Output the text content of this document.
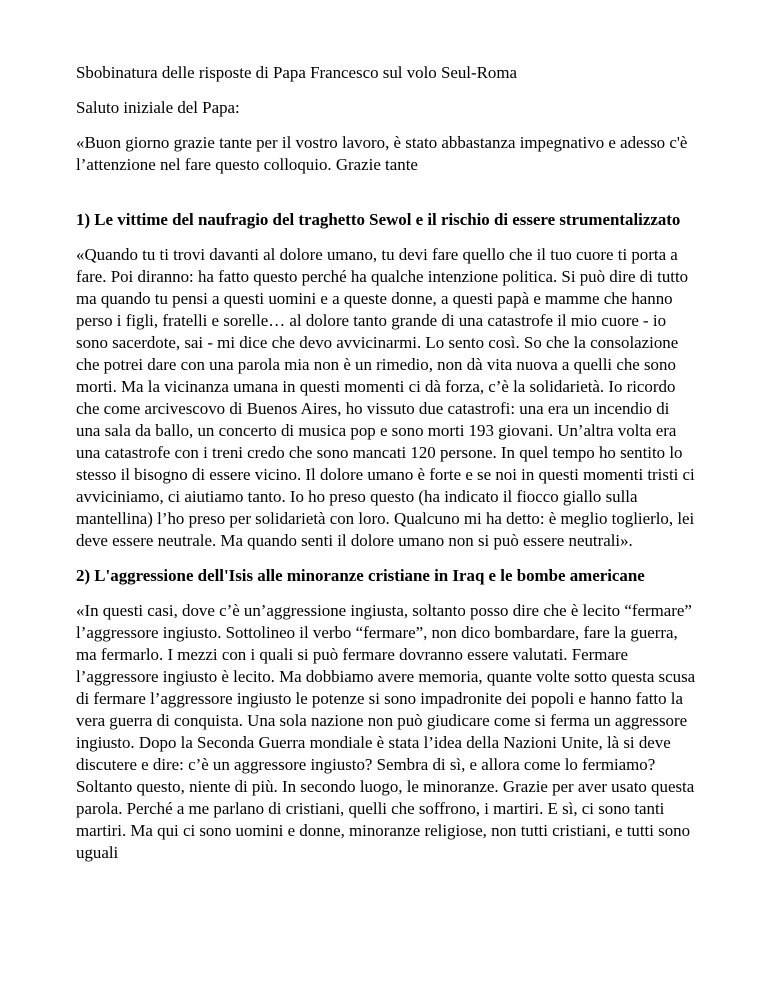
Sbobinatura delle risposte di Papa Francesco sul volo Seul-Roma

Saluto iniziale del Papa:

«Buon giorno grazie tante per il vostro lavoro, è stato abbastanza impegnativo e adesso c'è l’attenzione nel fare questo colloquio. Grazie tante

1) Le vittime del naufragio del traghetto Sewol e il rischio di essere strumentalizzato

«Quando tu ti trovi davanti al dolore umano, tu devi fare quello che il tuo cuore ti porta a fare. Poi diranno: ha fatto questo perché ha qualche intenzione politica. Si può dire di tutto ma quando tu pensi a questi uomini e a queste donne, a questi papà e mamme che hanno perso i figli, fratelli e sorelle… al dolore tanto grande di una catastrofe il mio cuore - io sono sacerdote, sai - mi dice che devo avvicinarmi. Lo sento così. So che la consolazione che potrei dare con una parola mia non è un rimedio, non dà vita nuova a quelli che sono morti. Ma la vicinanza umana in questi momenti ci dà forza, c’è la solidarietà. Io ricordo che come arcivescovo di Buenos Aires, ho vissuto due catastrofi: una era un incendio di una sala da ballo, un concerto di musica pop e sono morti 193 giovani. Un’altra volta era una catastrofe con i treni credo che sono mancati 120 persone. In quel tempo ho sentito lo stesso il bisogno di essere vicino. Il dolore umano è forte e se noi in questi momenti tristi ci avviciniamo, ci aiutiamo tanto. Io ho preso questo (ha indicato il fiocco giallo sulla mantellina) l’ho preso per solidarietà con loro. Qualcuno mi ha detto: è meglio toglierlo, lei deve essere neutrale. Ma quando senti il dolore umano non si può essere neutrali».

2) L'aggressione dell'Isis alle minoranze cristiane in Iraq e le bombe americane

«In questi casi, dove c’è un’aggressione ingiusta, soltanto posso dire che è lecito “fermare” l’aggressore ingiusto. Sottolineo il verbo “fermare”, non dico bombardare, fare la guerra, ma fermarlo. I mezzi con i quali si può fermare dovranno essere valutati. Fermare l’aggressore ingiusto è lecito. Ma dobbiamo avere memoria, quante volte sotto questa scusa di fermare l’aggressore ingiusto le potenze si sono impadronite dei popoli e hanno fatto la vera guerra di conquista. Una sola nazione non può giudicare come si ferma un aggressore ingiusto. Dopo la Seconda Guerra mondiale è stata l’idea della Nazioni Unite, là si deve discutere e dire: c’è un aggressore ingiusto? Sembra di sì, e allora come lo fermiamo? Soltanto questo, niente di più. In secondo luogo, le minoranze. Grazie per aver usato questa parola. Perché a me parlano di cristiani, quelli che soffrono, i martiri. E sì, ci sono tanti martiri. Ma qui ci sono uomini e donne, minoranze religiose, non tutti cristiani, e tutti sono uguali
